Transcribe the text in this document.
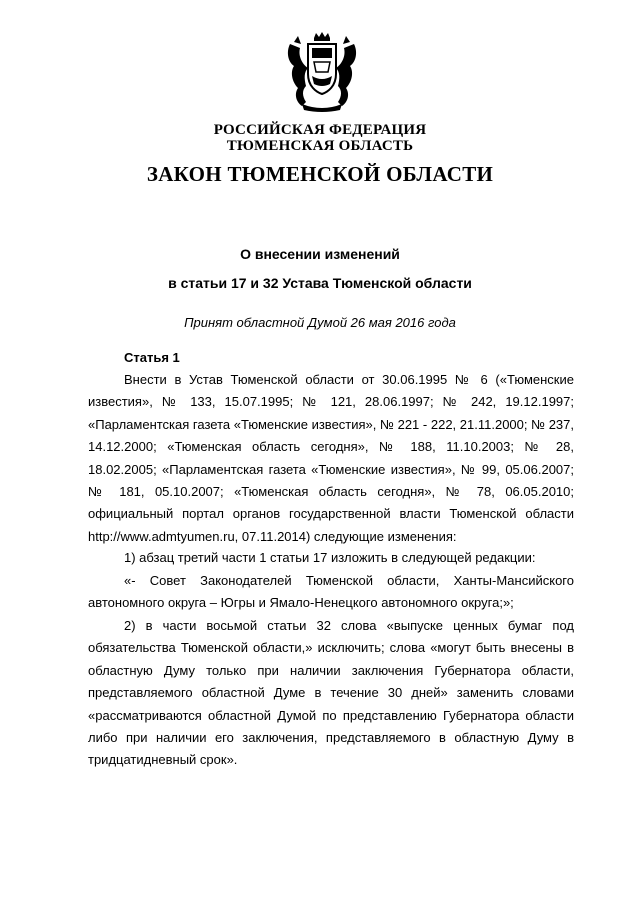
РОССИЙСКАЯ ФЕДЕРАЦИЯ
ТЮМЕНСКАЯ ОБЛАСТЬ
ЗАКОН ТЮМЕНСКОЙ ОБЛАСТИ
О внесении изменений
в статьи 17 и 32 Устава Тюменской области
Принят областной Думой 26 мая 2016 года
Статья 1
Внести в Устав Тюменской области от 30.06.1995 № 6 («Тюменские известия», № 133, 15.07.1995; № 121, 28.06.1997; № 242, 19.12.1997; «Парламентская газета «Тюменские известия», № 221 - 222, 21.11.2000; № 237, 14.12.2000; «Тюменская область сегодня», № 188, 11.10.2003; № 28, 18.02.2005; «Парламентская газета «Тюменские известия», № 99, 05.06.2007; № 181, 05.10.2007; «Тюменская область сегодня», № 78, 06.05.2010; официальный портал органов государственной власти Тюменской области http://www.admtyumen.ru, 07.11.2014) следующие изменения:
1) абзац третий части 1 статьи 17 изложить в следующей редакции:
«- Совет Законодателей Тюменской области, Ханты-Мансийского автономного округа – Югры и Ямало-Ненецкого автономного округа;»;
2) в части восьмой статьи 32 слова «выпуске ценных бумаг под обязательства Тюменской области,» исключить; слова «могут быть внесены в областную Думу только при наличии заключения Губернатора области, представляемого областной Думе в течение 30 дней» заменить словами «рассматриваются областной Думой по представлению Губернатора области либо при наличии его заключения, представляемого в областную Думу в тридцатидневный срок».
